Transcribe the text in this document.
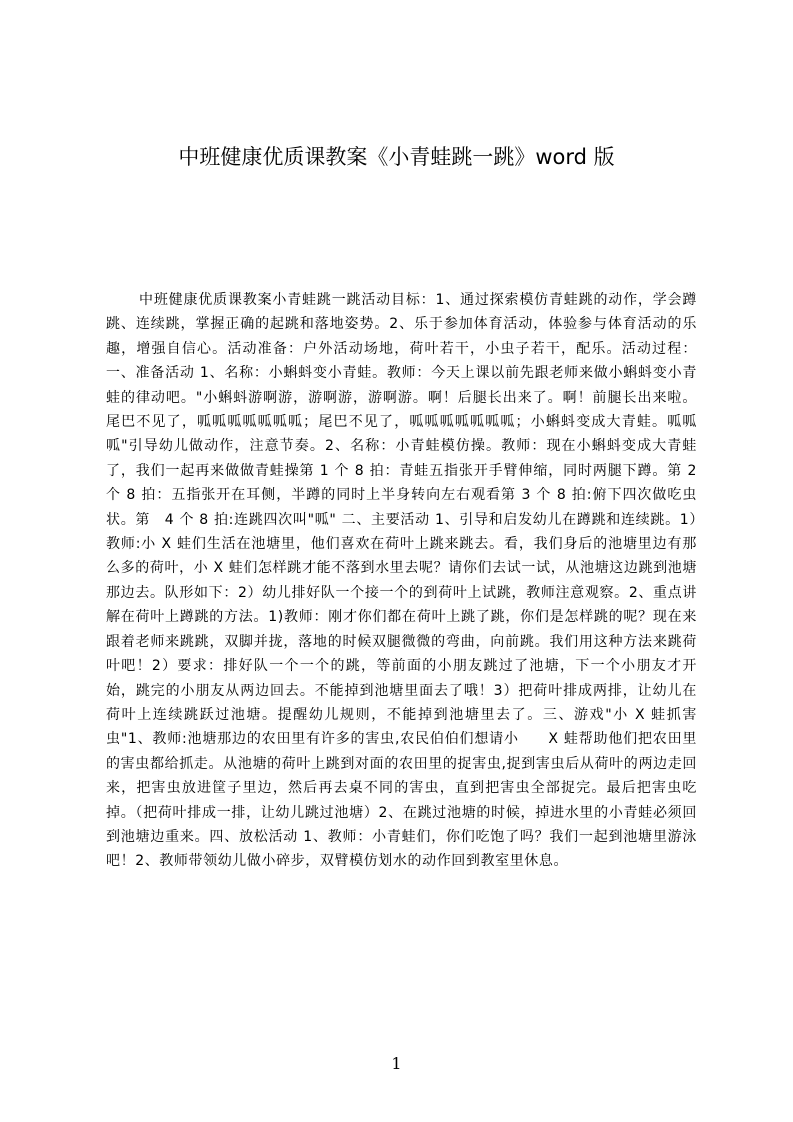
中班健康优质课教案《小青蛙跳一跳》word 版

中班健康优质课教案小青蛙跳一跳活动目标：1、通过探索模仿青蛙跳的动作，学会蹲跳、连续跳，掌握正确的起跳和落地姿势。2、乐于参加体育活动，体验参与体育活动的乐趣，增强自信心。活动准备：户外活动场地，荷叶若干，小虫子若干，配乐。活动过程：一、准备活动 1、名称：小蝌蚪变小青蛙。教师：今天上课以前先跟老师来做小蝌蚪变小青蛙的律动吧。"小蝌蚪游啊游，游啊游，游啊游。啊！后腿长出来了。啊！前腿长出来啦。尾巴不见了，呱呱呱呱呱呱呱；尾巴不见了，呱呱呱呱呱呱呱；小蝌蚪变成大青蛙。呱呱呱"引导幼儿做动作，注意节奏。2、名称：小青蛙模仿操。教师：现在小蝌蚪变成大青蛙了，我们一起再来做做青蛙操第 1 个 8 拍：青蛙五指张开手臂伸缩，同时两腿下蹲。第 2 个 8 拍：五指张开在耳侧，半蹲的同时上半身转向左右观看第 3 个 8 拍:俯下四次做吃虫状。第　4 个 8 拍:连跳四次叫"呱" 二、主要活动 1、引导和启发幼儿在蹲跳和连续跳。1）教师:小 X 蛙们生活在池塘里，他们喜欢在荷叶上跳来跳去。看，我们身后的池塘里边有那么多的荷叶，小 X 蛙们怎样跳才能不落到水里去呢？请你们去试一试，从池塘这边跳到池塘那边去。队形如下：2）幼儿排好队一个接一个的到荷叶上试跳，教师注意观察。2、重点讲解在荷叶上蹲跳的方法。1)教师：刚才你们都在荷叶上跳了跳，你们是怎样跳的呢？现在来跟着老师来跳跳，双脚并拢，落地的时候双腿微微的弯曲，向前跳。我们用这种方法来跳荷叶吧！2）要求：排好队一个一个的跳，等前面的小朋友跳过了池塘，下一个小朋友才开始，跳完的小朋友从两边回去。不能掉到池塘里面去了哦！3）把荷叶排成两排，让幼儿在荷叶上连续跳跃过池塘。提醒幼儿规则，不能掉到池塘里去了。三、游戏"小 X 蛙抓害虫"1、教师:池塘那边的农田里有许多的害虫,农民伯伯们想请小　　X 蛙帮助他们把农田里的害虫都给抓走。从池塘的荷叶上跳到对面的农田里的捉害虫,捉到害虫后从荷叶的两边走回来，把害虫放进筐子里边，然后再去桌不同的害虫，直到把害虫全部捉完。最后把害虫吃掉。（把荷叶排成一排，让幼儿跳过池塘）2、在跳过池塘的时候，掉进水里的小青蛙必须回到池塘边重来。四、放松活动 1、教师：小青蛙们，你们吃饱了吗？我们一起到池塘里游泳吧！2、教师带领幼儿做小碎步，双臂模仿划水的动作回到教室里休息。

1
